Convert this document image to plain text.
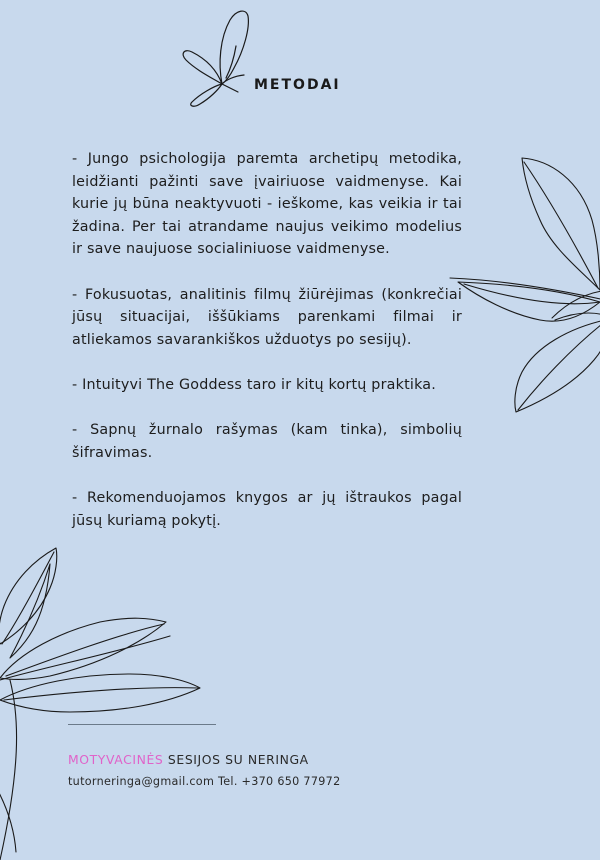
METODAI

- Jungo psichologija paremta archetipų metodika, leidžianti pažinti save įvairiuose vaidmenyse. Kai kurie jų būna neaktyvuoti - ieškome, kas veikia ir tai žadina. Per tai atrandame naujus veikimo modelius ir save naujuose socialiniuose vaidmenyse.

- Fokusuotas, analitinis filmų žiūrėjimas (konkrečiai jūsų situacijai, iššūkiams parenkami filmai ir atliekamos savarankiškos užduotys po sesijų).

- Intuityvi The Goddess taro ir kitų kortų praktika.

- Sapnų žurnalo rašymas (kam tinka), simbolių šifravimas.

- Rekomenduojamos knygos ar jų ištraukos pagal jūsų kuriamą pokytį.

MOTYVACINĖS SESIJOS SU NERINGA
tutorneringa@gmail.com Tel. +370 650 77972
